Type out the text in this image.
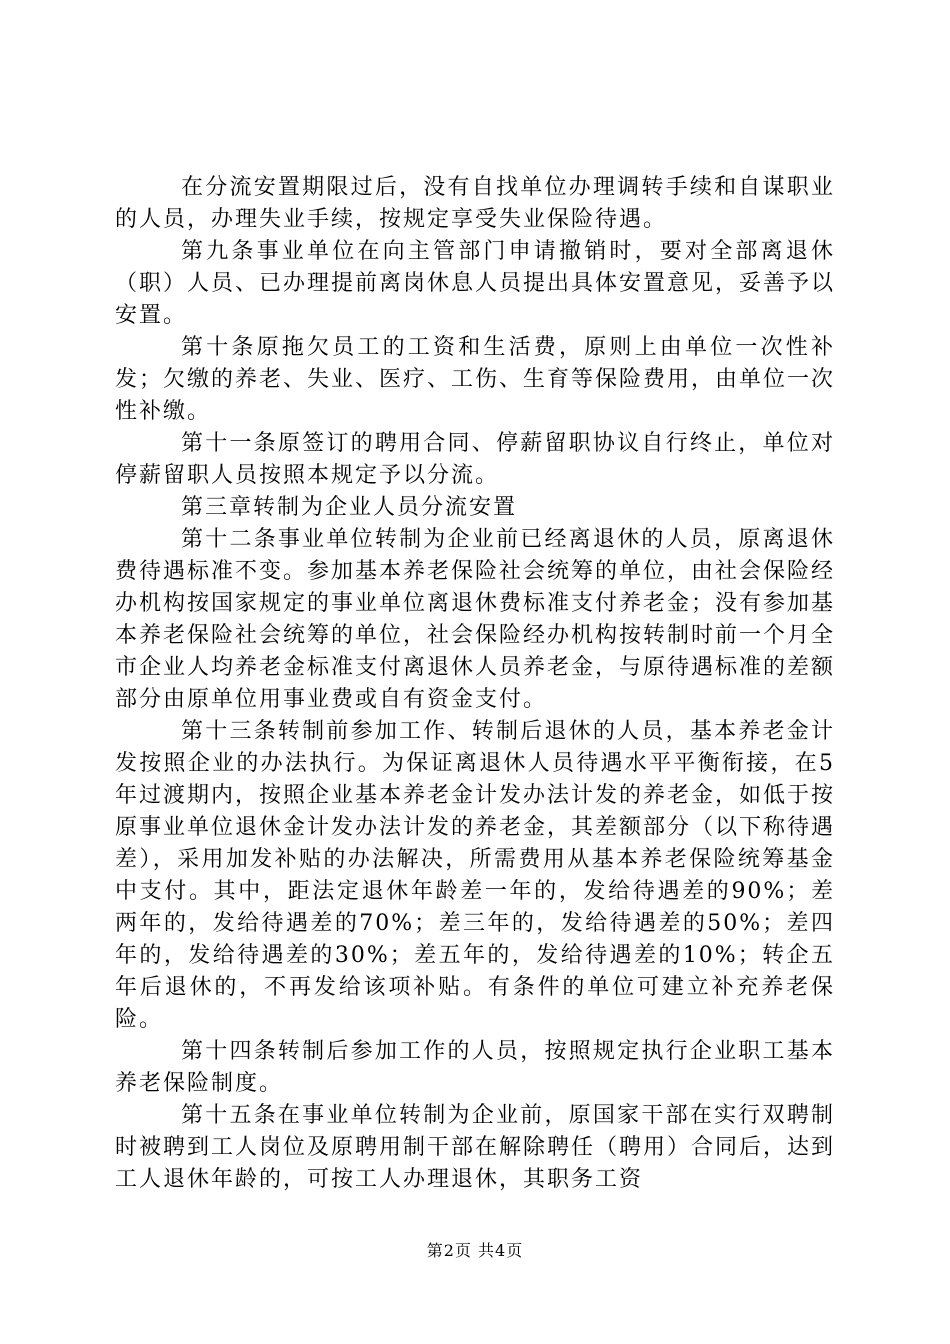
在分流安置期限过后，没有自找单位办理调转手续和自谋职业的人员，办理失业手续，按规定享受失业保险待遇。

第九条事业单位在向主管部门申请撤销时，要对全部离退休（职）人员、已办理提前离岗休息人员提出具体安置意见，妥善予以安置。

第十条原拖欠员工的工资和生活费，原则上由单位一次性补发；欠缴的养老、失业、医疗、工伤、生育等保险费用，由单位一次性补缴。

第十一条原签订的聘用合同、停薪留职协议自行终止，单位对停薪留职人员按照本规定予以分流。

第三章转制为企业人员分流安置

第十二条事业单位转制为企业前已经离退休的人员，原离退休费待遇标准不变。参加基本养老保险社会统筹的单位，由社会保险经办机构按国家规定的事业单位离退休费标准支付养老金；没有参加基本养老保险社会统筹的单位，社会保险经办机构按转制时前一个月全市企业人均养老金标准支付离退休人员养老金，与原待遇标准的差额部分由原单位用事业费或自有资金支付。

第十三条转制前参加工作、转制后退休的人员，基本养老金计发按照企业的办法执行。为保证离退休人员待遇水平平衡衔接，在5年过渡期内，按照企业基本养老金计发办法计发的养老金，如低于按原事业单位退休金计发办法计发的养老金，其差额部分（以下称待遇差），采用加发补贴的办法解决，所需费用从基本养老保险统筹基金中支付。其中，距法定退休年龄差一年的，发给待遇差的90%；差两年的，发给待遇差的70%；差三年的，发给待遇差的50%；差四年的，发给待遇差的30%；差五年的，发给待遇差的10%；转企五年后退休的，不再发给该项补贴。有条件的单位可建立补充养老保险。

第十四条转制后参加工作的人员，按照规定执行企业职工基本养老保险制度。

第十五条在事业单位转制为企业前，原国家干部在实行双聘制时被聘到工人岗位及原聘用制干部在解除聘任（聘用）合同后，达到工人退休年龄的，可按工人办理退休，其职务工资

第2页 共4页
